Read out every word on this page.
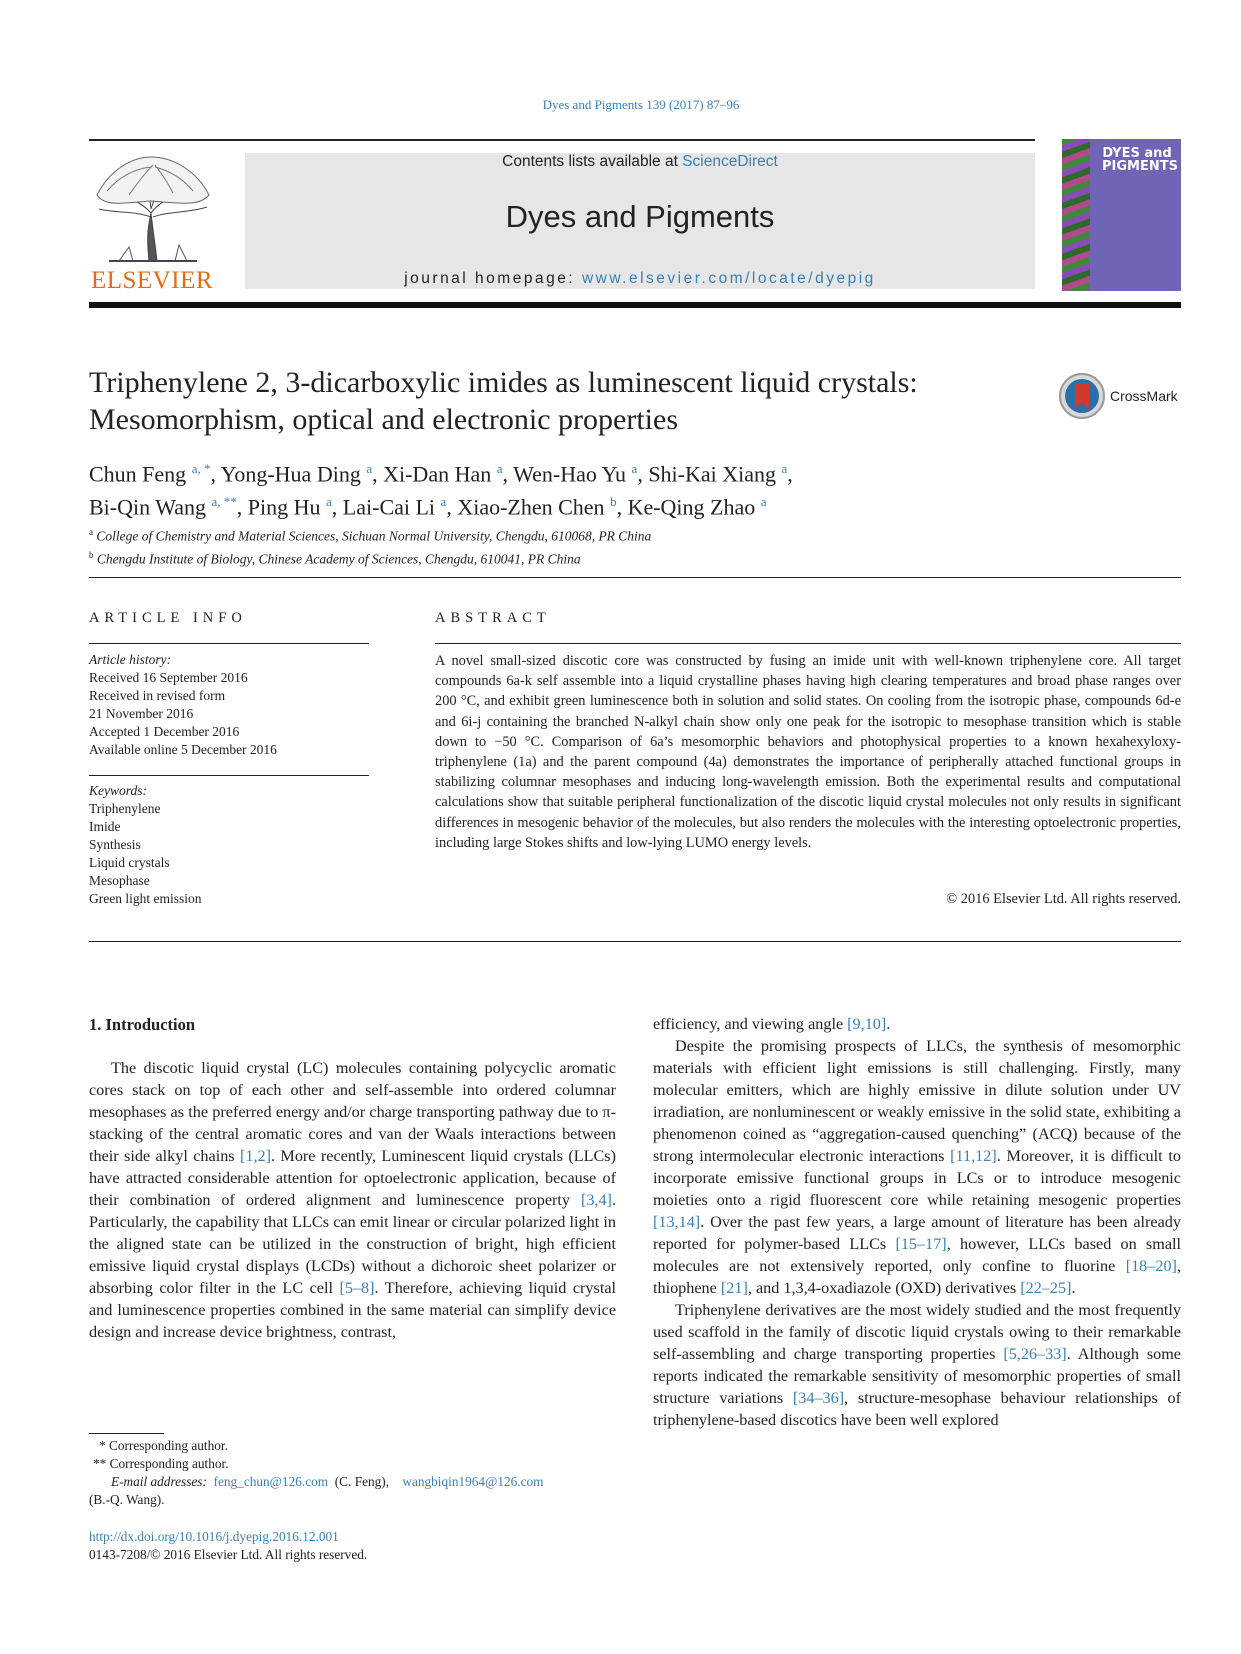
Dyes and Pigments 139 (2017) 87–96
ELSEVIER
Contents lists available at ScienceDirect
Dyes and Pigments
journal homepage: www.elsevier.com/locate/dyepig
DYES and PIGMENTS
Triphenylene 2, 3-dicarboxylic imides as luminescent liquid crystals: Mesomorphism, optical and electronic properties
CrossMark
Chun Feng $^{a, *}$, Yong-Hua Ding $^a$, Xi-Dan Han $^a$, Wen-Hao Yu $^a$, Shi-Kai Xiang $^a$,
Bi-Qin Wang $^{a, **}$, Ping Hu $^a$, Lai-Cai Li $^a$, Xiao-Zhen Chen $^b$, Ke-Qing Zhao $^a$
$^a$ College of Chemistry and Material Sciences, Sichuan Normal University, Chengdu, 610068, PR China
$^b$ Chengdu Institute of Biology, Chinese Academy of Sciences, Chengdu, 610041, PR China
ARTICLE INFO	ABSTRACT
Article history:
Received 16 September 2016
Received in revised form
21 November 2016
Accepted 1 December 2016
Available online 5 December 2016
Keywords:
Triphenylene
Imide
Synthesis
Liquid crystals
Mesophase
Green light emission
A novel small-sized discotic core was constructed by fusing an imide unit with well-known triphenylene core. All target compounds 6a-k self assemble into a liquid crystalline phases having high clearing temperatures and broad phase ranges over 200 °C, and exhibit green luminescence both in solution and solid states. On cooling from the isotropic phase, compounds 6d-e and 6i-j containing the branched N-alkyl chain show only one peak for the isotropic to mesophase transition which is stable down to −50 °C. Comparison of 6a’s mesomorphic behaviors and photophysical properties to a known hexahexyloxy-triphenylene (1a) and the parent compound (4a) demonstrates the importance of peripherally attached functional groups in stabilizing columnar mesophases and inducing long-wavelength emission. Both the experimental results and computational calculations show that suitable peripheral functionalization of the discotic liquid crystal molecules not only results in significant differences in mesogenic behavior of the molecules, but also renders the molecules with the interesting optoelectronic properties, including large Stokes shifts and low-lying LUMO energy levels.
© 2016 Elsevier Ltd. All rights reserved.
1. Introduction

The discotic liquid crystal (LC) molecules containing polycyclic aromatic cores stack on top of each other and self-assemble into ordered columnar mesophases as the preferred energy and/or charge transporting pathway due to π-stacking of the central aromatic cores and van der Waals interactions between their side alkyl chains [1,2]. More recently, Luminescent liquid crystals (LLCs) have attracted considerable attention for optoelectronic application, because of their combination of ordered alignment and luminescence property [3,4]. Particularly, the capability that LLCs can emit linear or circular polarized light in the aligned state can be utilized in the construction of bright, high efficient emissive liquid crystal displays (LCDs) without a dichoroic sheet polarizer or absorbing color filter in the LC cell [5–8]. Therefore, achieving liquid crystal and luminescence properties combined in the same material can simplify device design and increase device brightness, contrast,

efficiency, and viewing angle [9,10].

Despite the promising prospects of LLCs, the synthesis of mesomorphic materials with efficient light emissions is still challenging. Firstly, many molecular emitters, which are highly emissive in dilute solution under UV irradiation, are nonluminescent or weakly emissive in the solid state, exhibiting a phenomenon coined as “aggregation-caused quenching” (ACQ) because of the strong intermolecular electronic interactions [11,12]. Moreover, it is difficult to incorporate emissive functional groups in LCs or to introduce mesogenic moieties onto a rigid fluorescent core while retaining mesogenic properties [13,14]. Over the past few years, a large amount of literature has been already reported for polymer-based LLCs [15–17], however, LLCs based on small molecules are not extensively reported, only confine to fluorine [18–20], thiophene [21], and 1,3,4-oxadiazole (OXD) derivatives [22–25].

Triphenylene derivatives are the most widely studied and the most frequently used scaffold in the family of discotic liquid crystals owing to their remarkable self-assembling and charge transporting properties [5,26–33]. Although some reports indicated the remarkable sensitivity of mesomorphic properties of small structure variations [34–36], structure-mesophase behaviour relationships of triphenylene-based discotics have been well explored

* Corresponding author.
** Corresponding author.
E-mail addresses: feng_chun@126.com (C. Feng), wangbiqin1964@126.com
(B.-Q. Wang).
http://dx.doi.org/10.1016/j.dyepig.2016.12.001
0143-7208/© 2016 Elsevier Ltd. All rights reserved.
